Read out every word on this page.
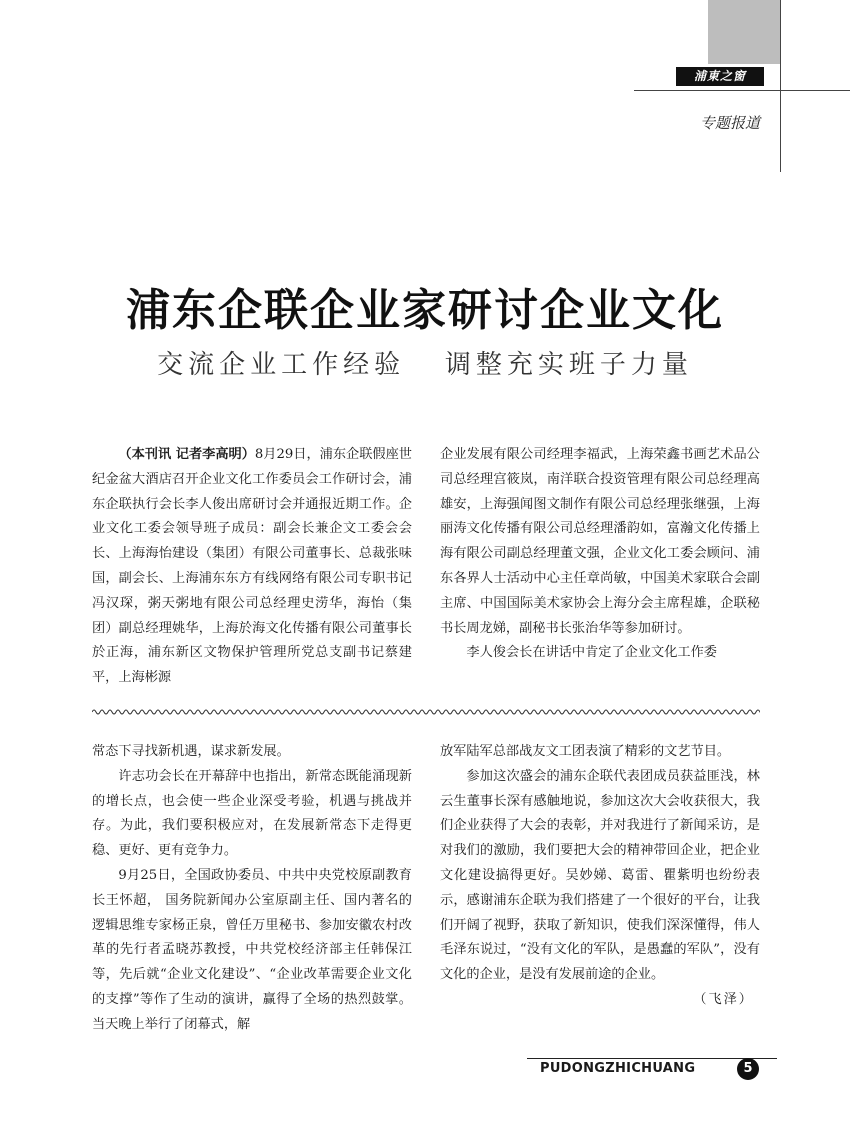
浦東之窗
专题报道
浦东企联企业家研讨企业文化
交流企业工作经验   调整充实班子力量

（本刊讯 记者李高明）8月29日，浦东企联假座世纪金盆大酒店召开企业文化工作委员会工作研讨会，浦东企联执行会长李人俊出席研讨会并通报近期工作。企业文化工委会领导班子成员：副会长兼企文工委会会长、上海海怡建设（集团）有限公司董事长、总裁张味国，副会长、上海浦东东方有线网络有限公司专职书记冯汉琛，粥天粥地有限公司总经理史涝华，海怡（集团）副总经理姚华，上海於海文化传播有限公司董事长於正海，浦东新区文物保护管理所党总支副书记蔡建平，上海彬源

企业发展有限公司经理李福武，上海荣鑫书画艺术品公司总经理宫筱岚，南洋联合投资管理有限公司总经理高雄安，上海强闻图文制作有限公司总经理张继强，上海丽涛文化传播有限公司总经理潘韵如，富瀚文化传播上海有限公司副总经理董文强，企业文化工委会顾问、浦东各界人士活动中心主任章尚敏，中国美术家联合会副主席、中国国际美术家协会上海分会主席程雄，企联秘书长周龙娣，副秘书长张治华等参加研讨。

李人俊会长在讲话中肯定了企业文化工作委

常态下寻找新机遇，谋求新发展。

许志功会长在开幕辞中也指出，新常态既能涌现新的增长点，也会使一些企业深受考验，机遇与挑战并存。为此，我们要积极应对，在发展新常态下走得更稳、更好、更有竞争力。

9月25日，全国政协委员、中共中央党校原副教育长王怀超， 国务院新闻办公室原副主任、国内著名的逻辑思维专家杨正泉，曾任万里秘书、参加安徽农村改革的先行者孟晓苏教授，中共党校经济部主任韩保江等，先后就“企业文化建设”、“企业改革需要企业文化的支撑”等作了生动的演讲，赢得了全场的热烈鼓掌。当天晚上举行了闭幕式，解

放军陆军总部战友文工团表演了精彩的文艺节目。

参加这次盛会的浦东企联代表团成员获益匪浅，林云生董事长深有感触地说，参加这次大会收获很大，我们企业获得了大会的表彰，并对我进行了新闻采访，是对我们的激励，我们要把大会的精神带回企业，把企业文化建设搞得更好。吴妙娣、葛雷、瞿紫明也纷纷表示，感谢浦东企联为我们搭建了一个很好的平台，让我们开阔了视野，获取了新知识，使我们深深懂得，伟人毛泽东说过，“没有文化的军队，是愚蠢的军队”，没有文化的企业，是没有发展前途的企业。

（飞泽）

PUDONGZHICHUANG	5
